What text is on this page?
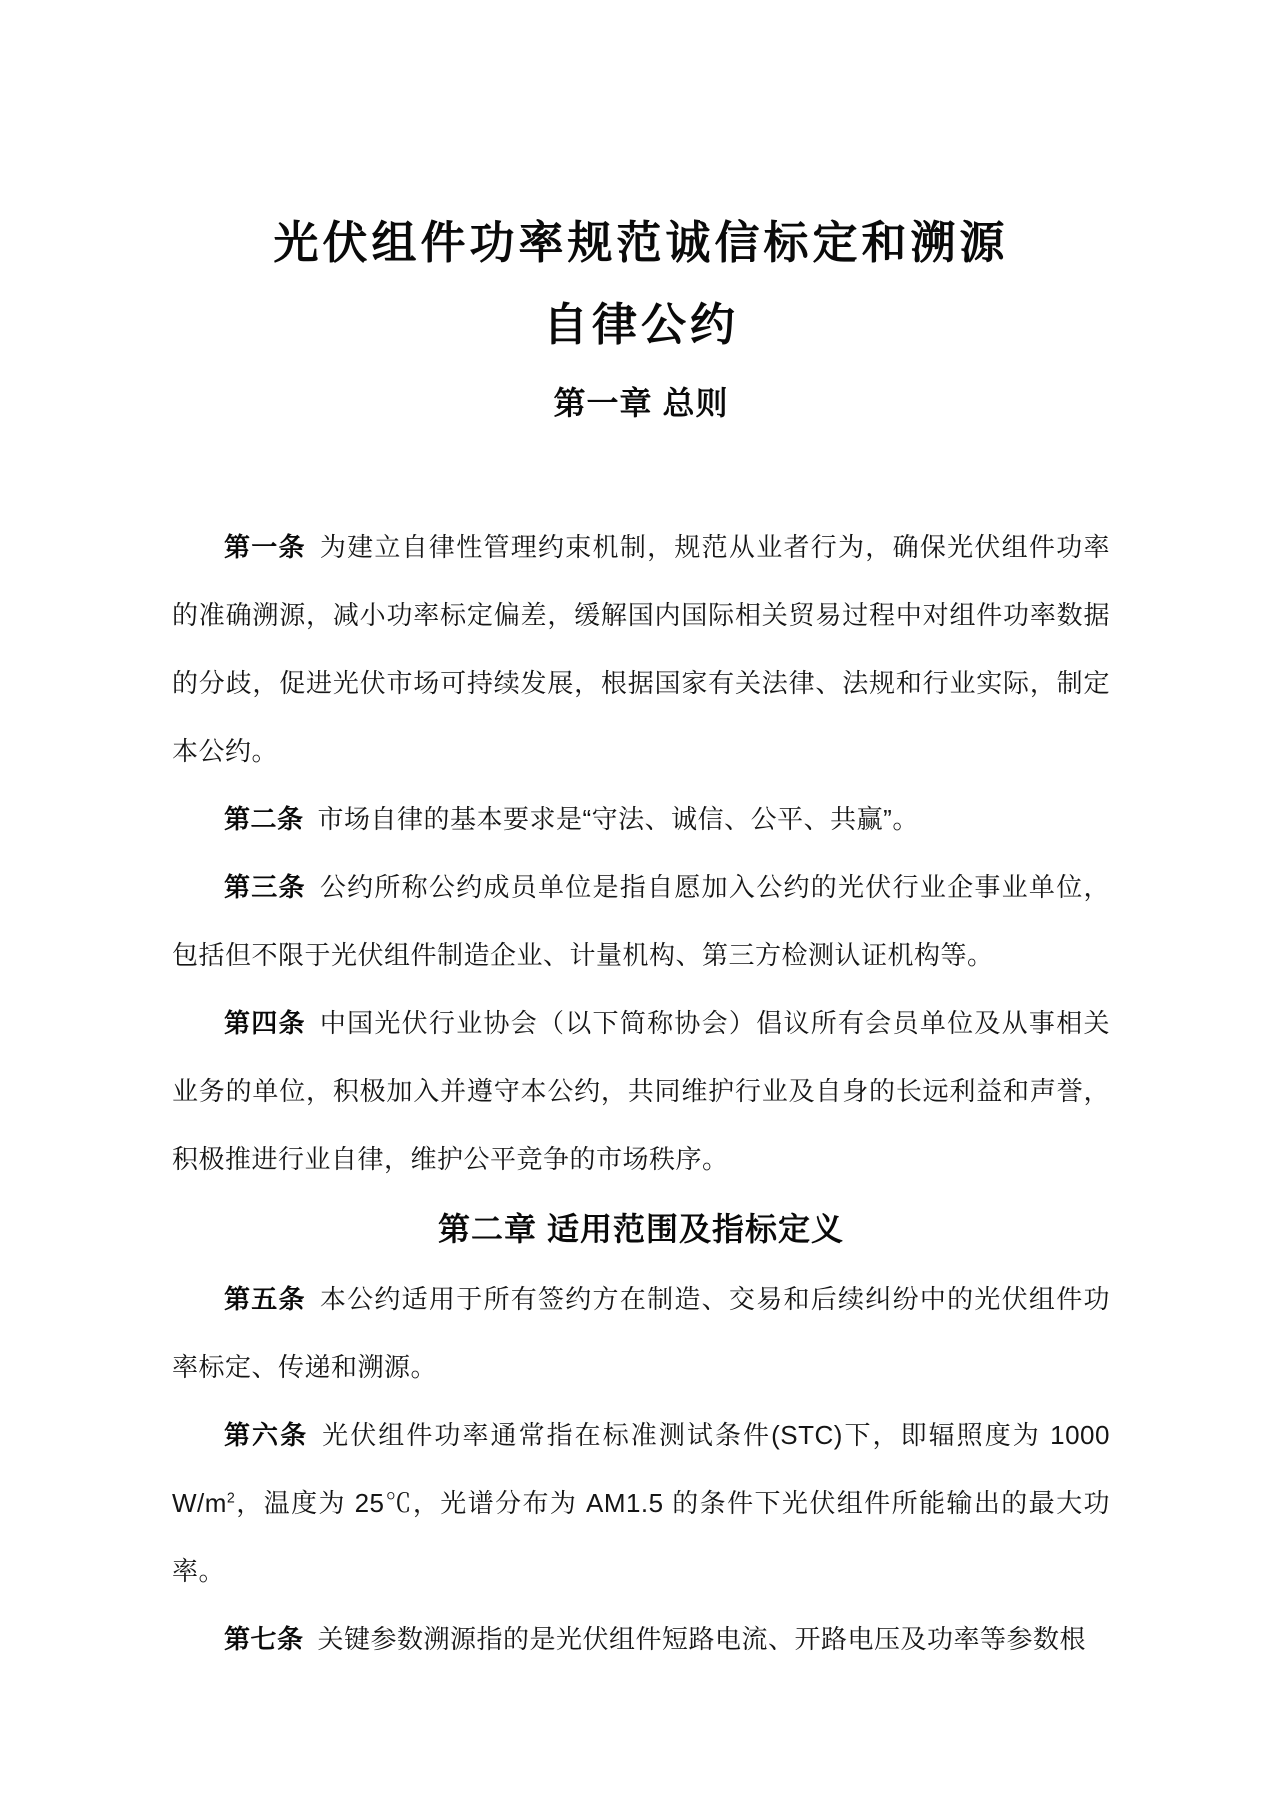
光伏组件功率规范诚信标定和溯源
自律公约
第一章 总则

第一条 为建立自律性管理约束机制，规范从业者行为，确保光伏组件功率的准确溯源，减小功率标定偏差，缓解国内国际相关贸易过程中对组件功率数据的分歧，促进光伏市场可持续发展，根据国家有关法律、法规和行业实际，制定本公约。

第二条 市场自律的基本要求是“守法、诚信、公平、共赢”。

第三条 公约所称公约成员单位是指自愿加入公约的光伏行业企事业单位，包括但不限于光伏组件制造企业、计量机构、第三方检测认证机构等。

第四条 中国光伏行业协会（以下简称协会）倡议所有会员单位及从事相关业务的单位，积极加入并遵守本公约，共同维护行业及自身的长远利益和声誉，积极推进行业自律，维护公平竞争的市场秩序。

第二章 适用范围及指标定义

第五条 本公约适用于所有签约方在制造、交易和后续纠纷中的光伏组件功率标定、传递和溯源。

第六条 光伏组件功率通常指在标准测试条件(STC)下，即辐照度为 1000 $W/m^2$，温度为 25℃，光谱分布为 AM1.5 的条件下光伏组件所能输出的最大功率。

第七条 关键参数溯源指的是光伏组件短路电流、开路电压及功率等参数根
